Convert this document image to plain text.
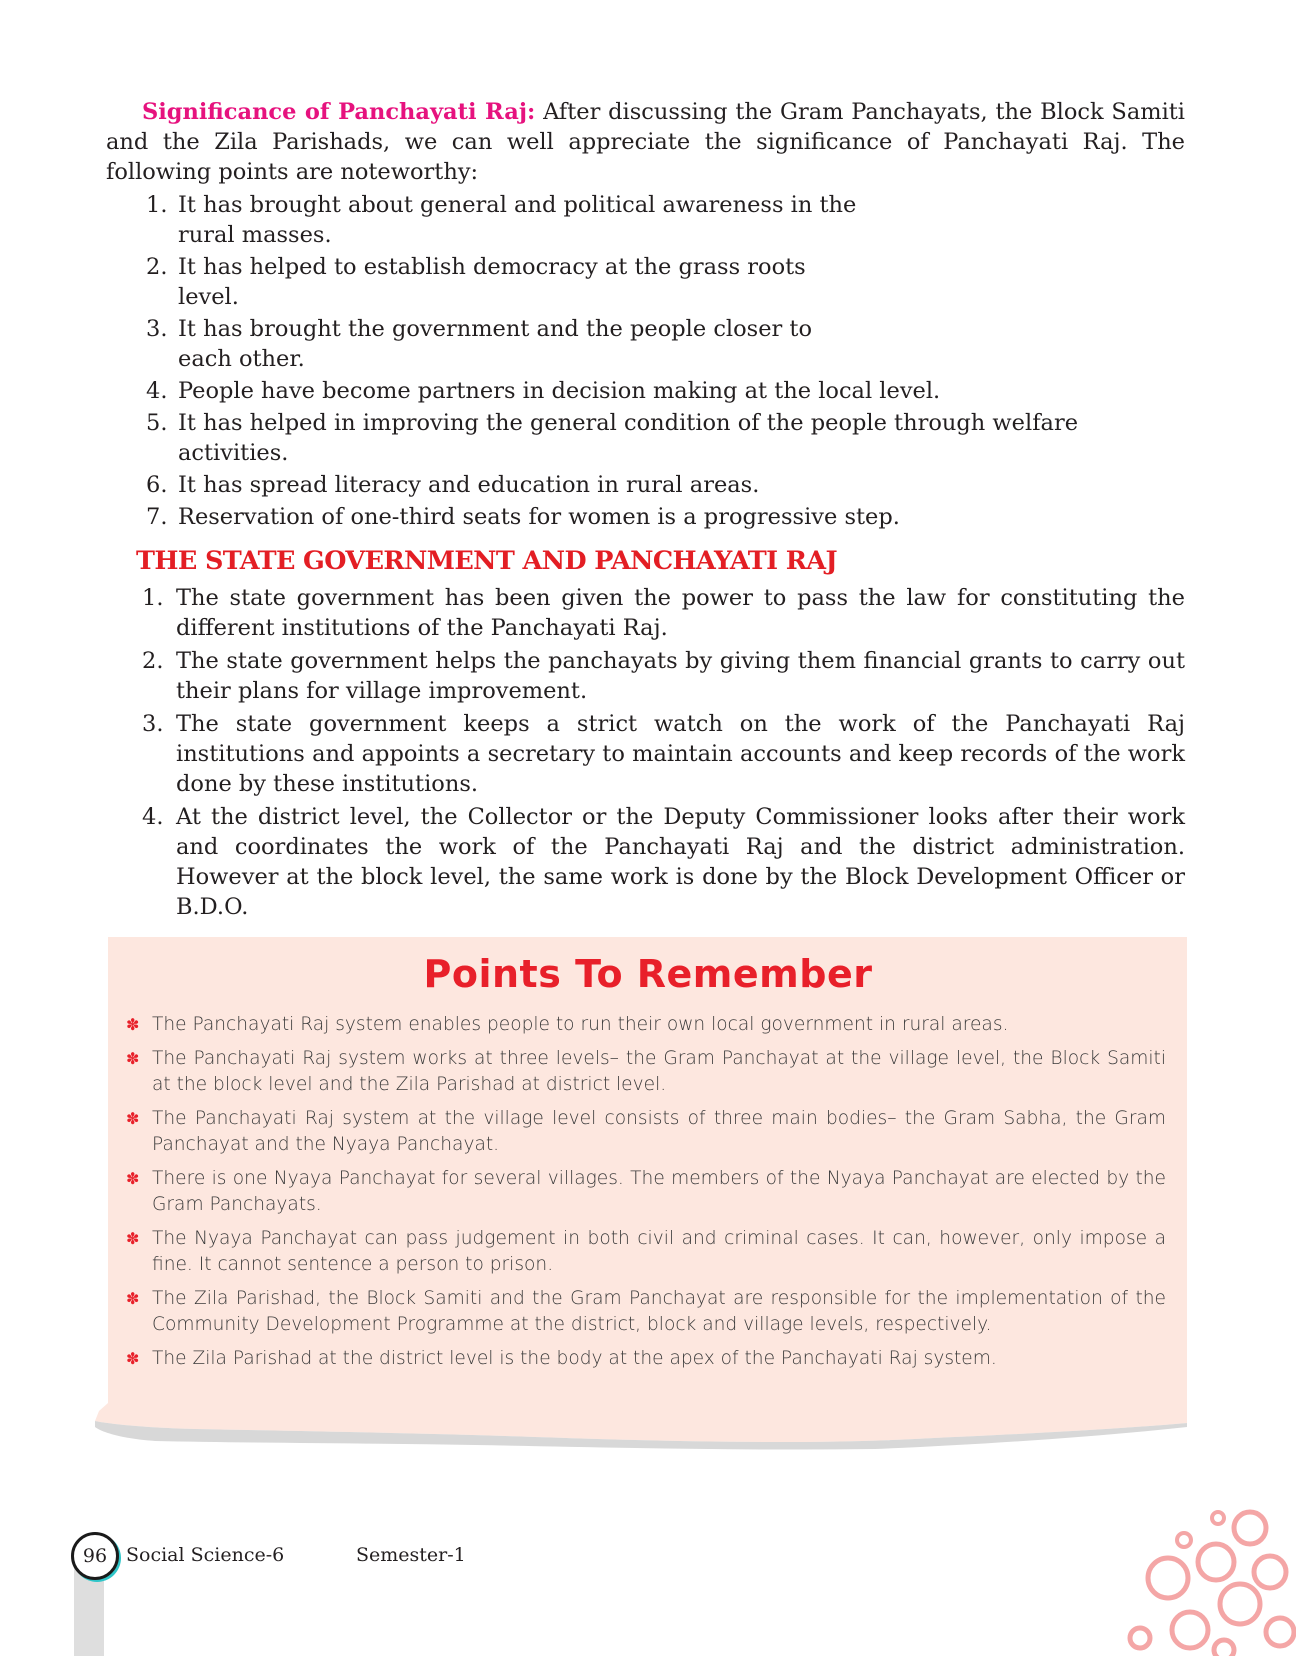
Significance of Panchayati Raj: After discussing the Gram Panchayats, the Block Samiti and the Zila Parishads, we can well appreciate the significance of Panchayati Raj. The following points are noteworthy:

1. It has brought about general and political awareness in the rural masses.
2. It has helped to establish democracy at the grass roots level.
3. It has brought the government and the people closer to each other.
4. People have become partners in decision making at the local level.
5. It has helped in improving the general condition of the people through welfare activities.
6. It has spread literacy and education in rural areas.
7. Reservation of one-third seats for women is a progressive step.
THE STATE GOVERNMENT AND PANCHAYATI RAJ
1. The state government has been given the power to pass the law for constituting the different institutions of the Panchayati Raj.
2. The state government helps the panchayats by giving them financial grants to carry out their plans for village improvement.
3. The state government keeps a strict watch on the work of the Panchayati Raj institutions and appoints a secretary to maintain accounts and keep records of the work done by these institutions.
4. At the district level, the Collector or the Deputy Commissioner looks after their work and coordinates the work of the Panchayati Raj and the district administration. However at the block level, the same work is done by the Block Development Officer or B.D.O.
Points To Remember
✽ The Panchayati Raj system enables people to run their own local government in rural areas.
✽ The Panchayati Raj system works at three levels– the Gram Panchayat at the village level, the Block Samiti at the block level and the Zila Parishad at district level.
✽ The Panchayati Raj system at the village level consists of three main bodies– the Gram Sabha, the Gram Panchayat and the Nyaya Panchayat.
✽ There is one Nyaya Panchayat for several villages. The members of the Nyaya Panchayat are elected by the Gram Panchayats.
✽ The Nyaya Panchayat can pass judgement in both civil and criminal cases. It can, however, only impose a fine. It cannot sentence a person to prison.
✽ The Zila Parishad, the Block Samiti and the Gram Panchayat are responsible for the implementation of the Community Development Programme at the district, block and village levels, respectively.
✽ The Zila Parishad at the district level is the body at the apex of the Panchayati Raj system.
96 Social Science-6	Semester-1
